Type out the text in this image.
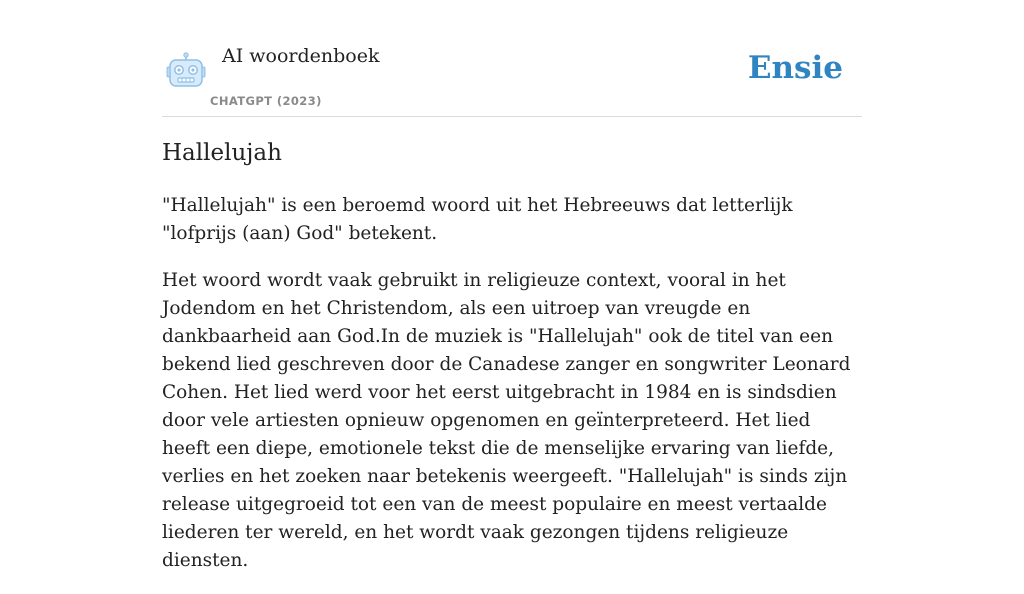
AI woordenboek
CHATGPT (2023)
Ensie
Hallelujah

"Hallelujah" is een beroemd woord uit het Hebreeuws dat letterlijk "lofprijs (aan) God" betekent.

Het woord wordt vaak gebruikt in religieuze context, vooral in het Jodendom en het Christendom, als een uitroep van vreugde en dankbaarheid aan God.In de muziek is "Hallelujah" ook de titel van een bekend lied geschreven door de Canadese zanger en songwriter Leonard Cohen. Het lied werd voor het eerst uitgebracht in 1984 en is sindsdien door vele artiesten opnieuw opgenomen en geïnterpreteerd. Het lied heeft een diepe, emotionele tekst die de menselijke ervaring van liefde, verlies en het zoeken naar betekenis weergeeft. "Hallelujah" is sinds zijn release uitgegroeid tot een van de meest populaire en meest vertaalde liederen ter wereld, en het wordt vaak gezongen tijdens religieuze diensten.
